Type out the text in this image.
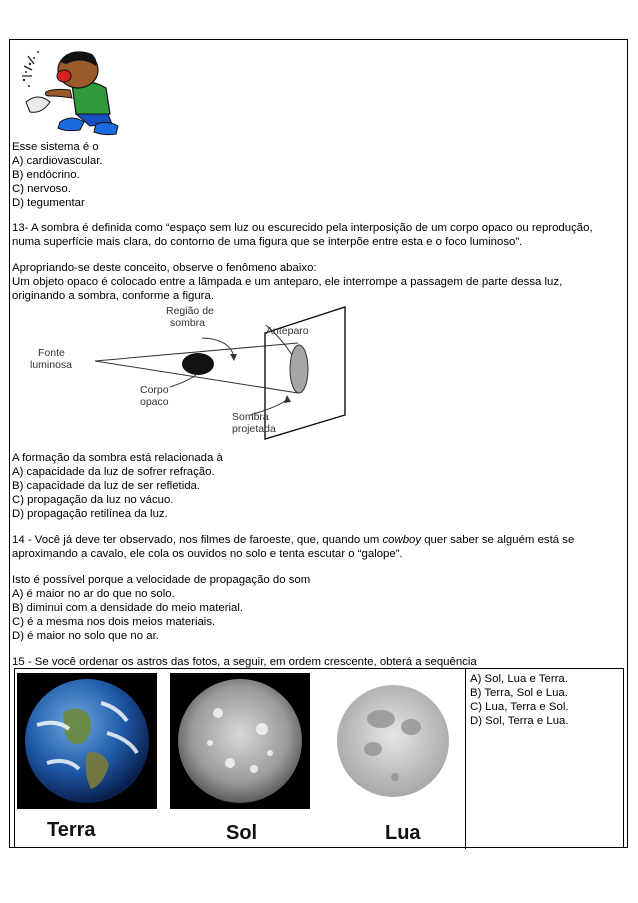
Esse sistema é o
A) cardiovascular.
B) endócrino.
C) nervoso.
D) tegumentar
13- A sombra é definida como “espaço sem luz ou escurecido pela interposição de um corpo opaco ou reprodução,
numa superfície mais clara, do contorno de uma figura que se interpõe entre esta e o foco luminoso”.
Apropriando-se deste conceito, observe o fenômeno abaixo:
Um objeto opaco é colocado entre a lâmpada e um anteparo, ele interrompe a passagem de parte dessa luz,
originando a sombra, conforme a figura.
Região de
sombra
Anteparo
Fonte
luminosa
Corpo
opaco
Sombra
projetada
A formação da sombra está relacionada à
A) capacidade da luz de sofrer refração.
B) capacidade da luz de ser refletida.
C) propagação da luz no vácuo.
D) propagação retilínea da luz.
14 - Você já deve ter observado, nos filmes de faroeste, que, quando um cowboy quer saber se alguém está se
aproximando a cavalo, ele cola os ouvidos no solo e tenta escutar o “galope”.
Isto é possível porque a velocidade de propagação do som
A) é maior no ar do que no solo.
B) diminui com a densidade do meio material.
C) é a mesma nos dois meios materiais.
D) é maior no solo que no ar.
15 - Se você ordenar os astros das fotos, a seguir, em ordem crescente, obterá a sequência
Terra	Sol	Lua
A) Sol, Lua e Terra.
B) Terra, Sol e Lua.
C) Lua, Terra e Sol.
D) Sol, Terra e Lua.
